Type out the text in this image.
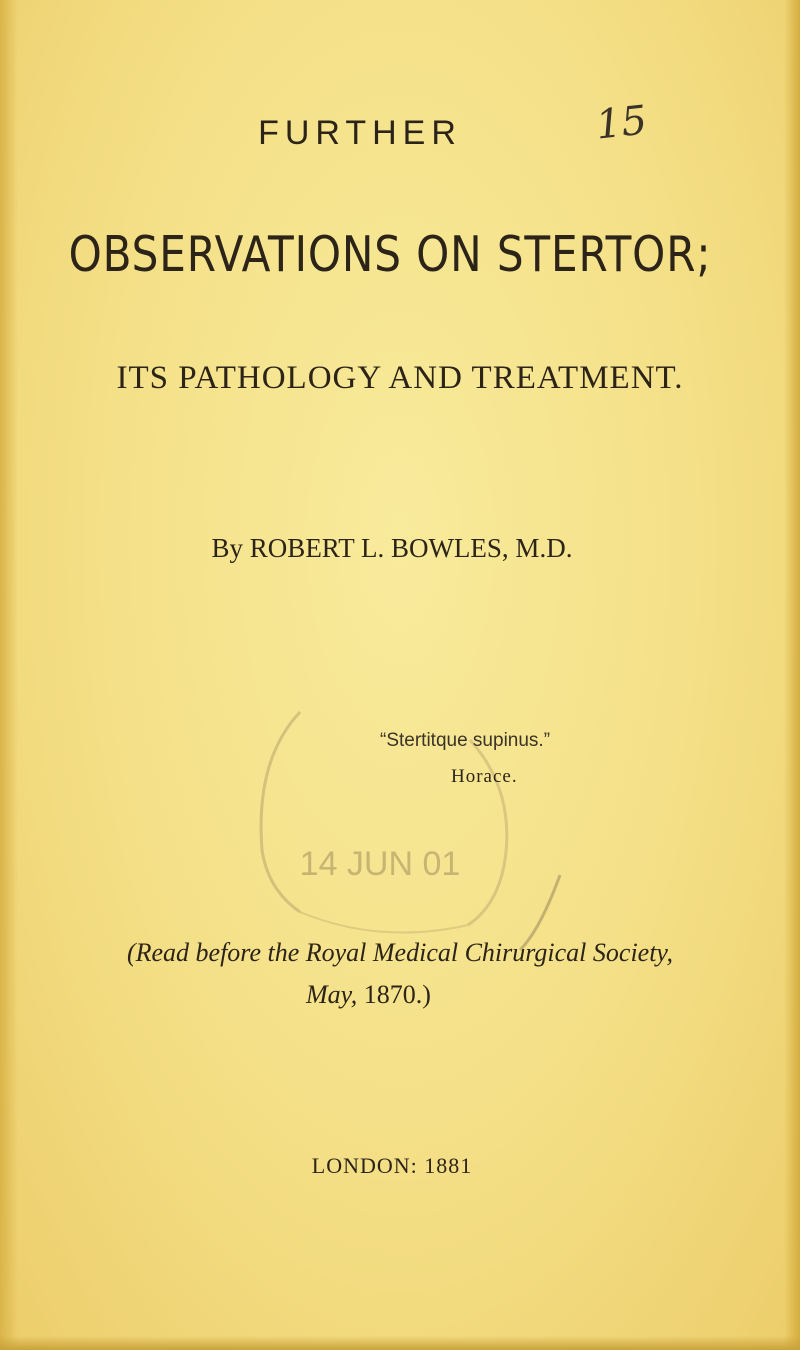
FURTHER	15
OBSERVATIONS ON STERTOR;
ITS PATHOLOGY AND TREATMENT.
By ROBERT L. BOWLES, M.D.
14 JUN 01
“Stertitque supinus.”
Horace.
(Read before the Royal Medical Chirurgical Society,
May, 1870.)
LONDON: 1881
